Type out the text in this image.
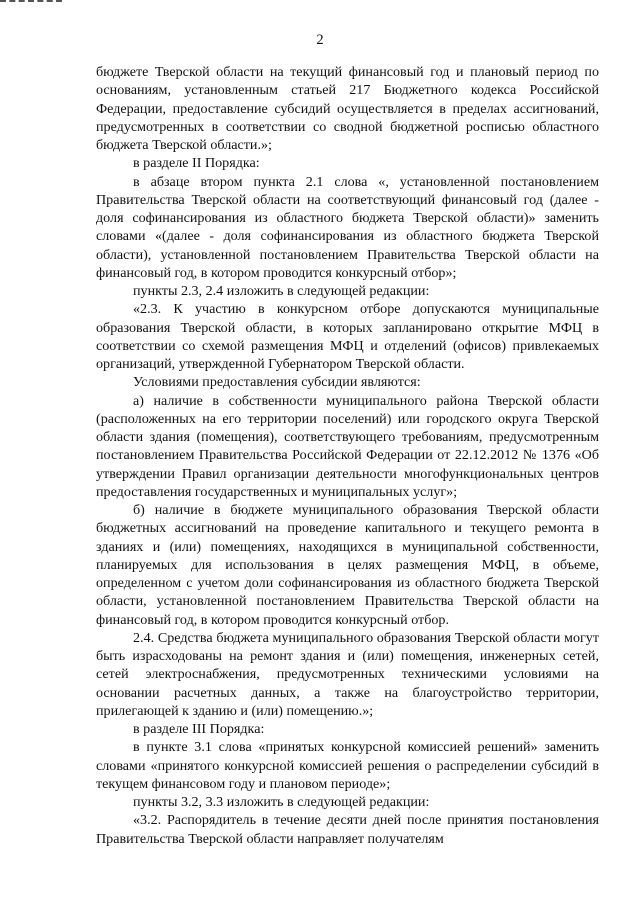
2

бюджете Тверской области на текущий финансовый год и плановый период по основаниям, установленным статьей 217 Бюджетного кодекса Российской Федерации, предоставление субсидий осуществляется в пределах ассигнований, предусмотренных в соответствии со сводной бюджетной росписью областного бюджета Тверской области.»;

в разделе II Порядка:

в абзаце втором пункта 2.1 слова «, установленной постановлением Правительства Тверской области на соответствующий финансовый год (далее - доля софинансирования из областного бюджета Тверской области)» заменить словами «(далее - доля софинансирования из областного бюджета Тверской области), установленной постановлением Правительства Тверской области на финансовый год, в котором проводится конкурсный отбор»;

пункты 2.3, 2.4 изложить в следующей редакции:

«2.3. К участию в конкурсном отборе допускаются муниципальные образования Тверской области, в которых запланировано открытие МФЦ в соответствии со схемой размещения МФЦ и отделений (офисов) привлекаемых организаций, утвержденной Губернатором Тверской области.

Условиями предоставления субсидии являются:

а) наличие в собственности муниципального района Тверской области (расположенных на его территории поселений) или городского округа Тверской области здания (помещения), соответствующего требованиям, предусмотренным постановлением Правительства Российской Федерации от 22.12.2012 № 1376 «Об утверждении Правил организации деятельности многофункциональных центров предоставления государственных и муниципальных услуг»;

б) наличие в бюджете муниципального образования Тверской области бюджетных ассигнований на проведение капитального и текущего ремонта в зданиях и (или) помещениях, находящихся в муниципальной собственности, планируемых для использования в целях размещения МФЦ, в объеме, определенном с учетом доли софинансирования из областного бюджета Тверской области, установленной постановлением Правительства Тверской области на финансовый год, в котором проводится конкурсный отбор.

2.4. Средства бюджета муниципального образования Тверской области могут быть израсходованы на ремонт здания и (или) помещения, инженерных сетей, сетей электроснабжения, предусмотренных техническими условиями на основании расчетных данных, а также на благоустройство территории, прилегающей к зданию и (или) помещению.»;

в разделе III Порядка:

в пункте 3.1 слова «принятых конкурсной комиссией решений» заменить словами «принятого конкурсной комиссией решения о распределении субсидий в текущем финансовом году и плановом периоде»;

пункты 3.2, 3.3 изложить в следующей редакции:

«3.2. Распорядитель в течение десяти дней после принятия постановления Правительства Тверской области направляет получателям
